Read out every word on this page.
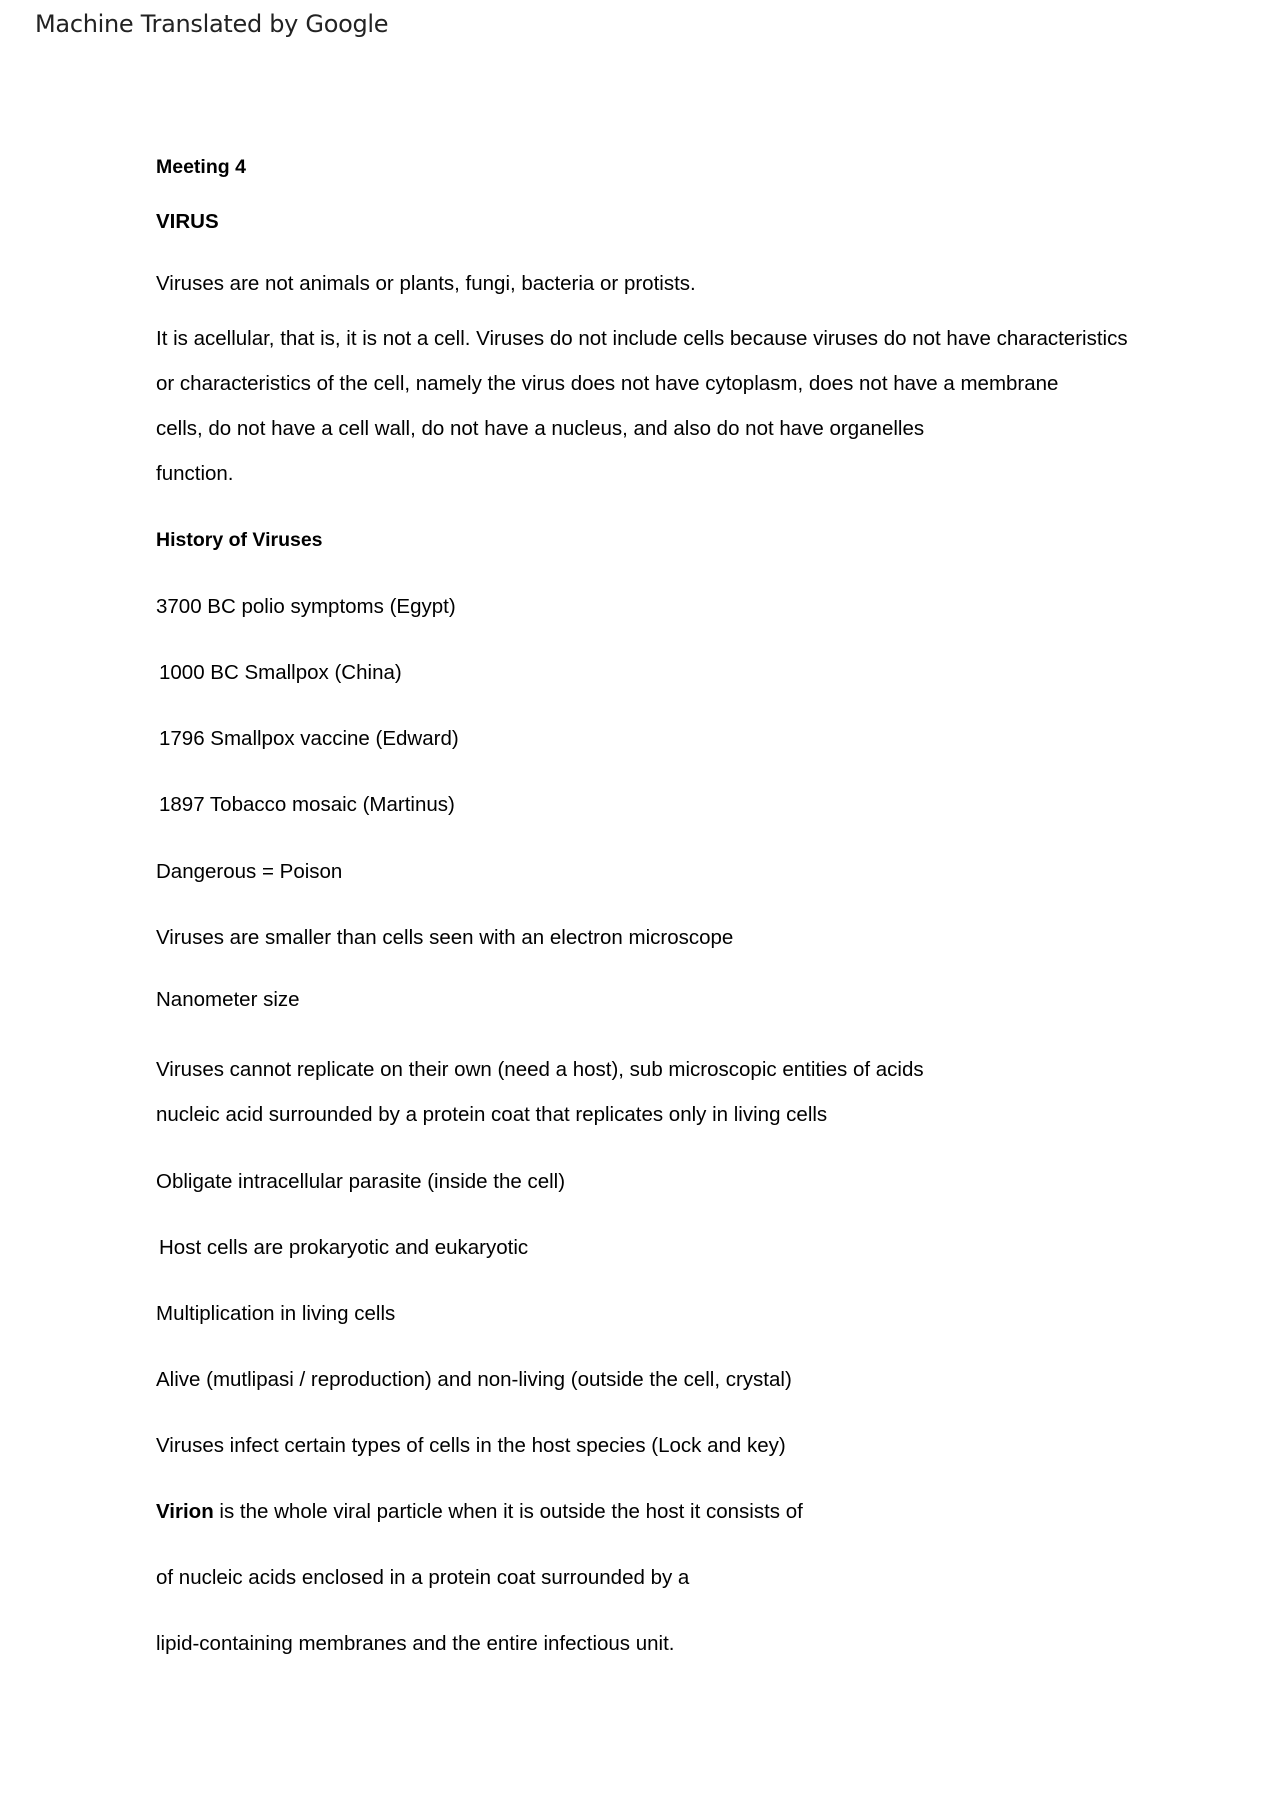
Machine Translated by Google
Meeting 4
VIRUS
Viruses are not animals or plants, fungi, bacteria or protists.
It is acellular, that is, it is not a cell. Viruses do not include cells because viruses do not have characteristics
or characteristics of the cell, namely the virus does not have cytoplasm, does not have a membrane
cells, do not have a cell wall, do not have a nucleus, and also do not have organelles
function.
History of Viruses
3700 BC polio symptoms (Egypt)
1000 BC Smallpox (China)
1796 Smallpox vaccine (Edward)
1897 Tobacco mosaic (Martinus)
Dangerous = Poison
Viruses are smaller than cells seen with an electron microscope
Nanometer size
Viruses cannot replicate on their own (need a host), sub microscopic entities of acids
nucleic acid surrounded by a protein coat that replicates only in living cells
Obligate intracellular parasite (inside the cell)
Host cells are prokaryotic and eukaryotic
Multiplication in living cells
Alive (mutlipasi / reproduction) and non-living (outside the cell, crystal)
Viruses infect certain types of cells in the host species (Lock and key)
Virion is the whole viral particle when it is outside the host it consists of
of nucleic acids enclosed in a protein coat surrounded by a
lipid-containing membranes and the entire infectious unit.
